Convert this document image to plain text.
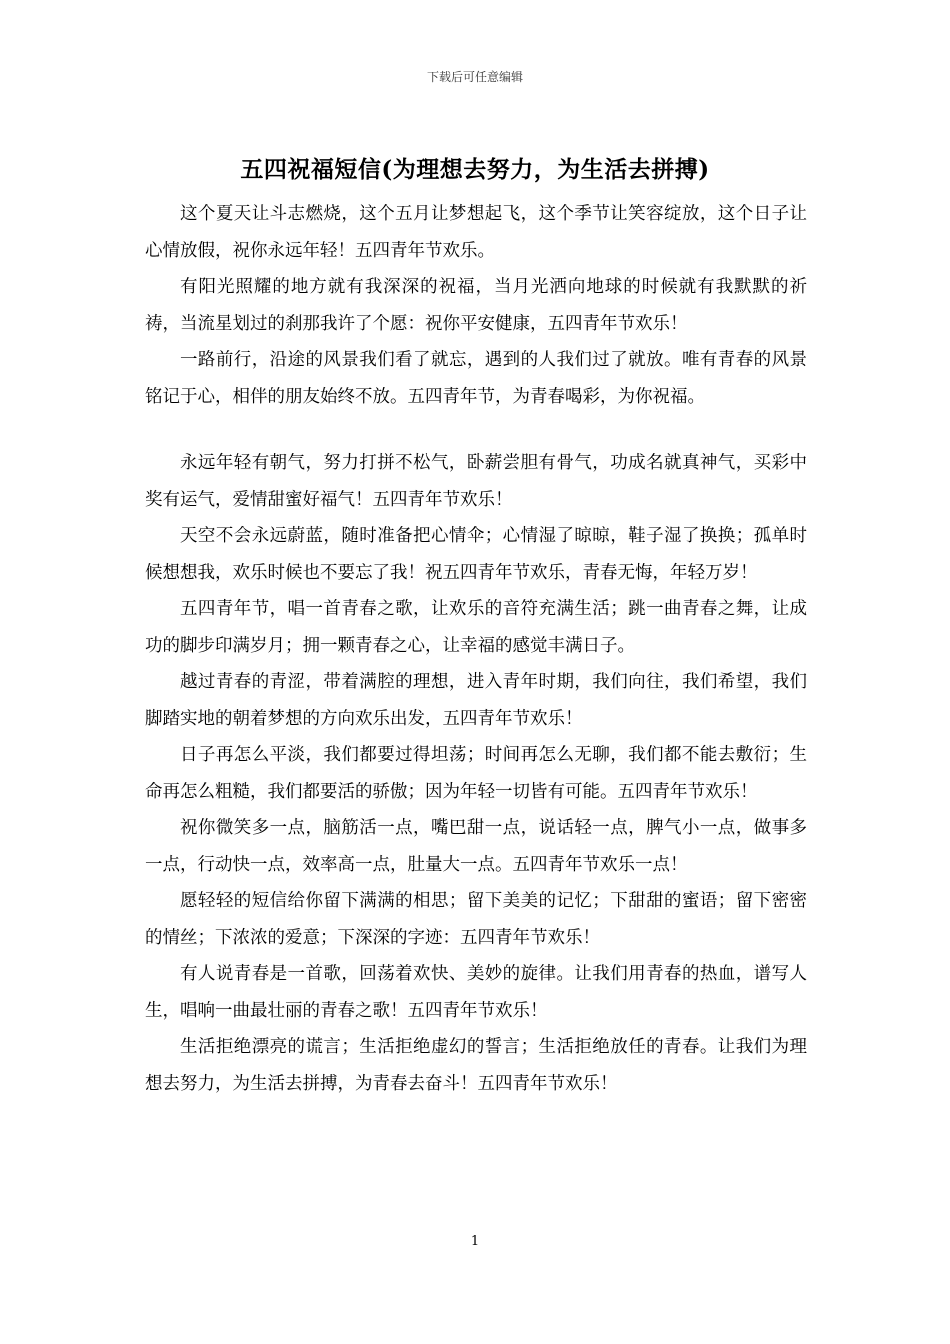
下载后可任意编辑
五四祝福短信(为理想去努力，为生活去拼搏)

这个夏天让斗志燃烧，这个五月让梦想起飞，这个季节让笑容绽放，这个日子让心情放假，祝你永远年轻！五四青年节欢乐。

有阳光照耀的地方就有我深深的祝福，当月光洒向地球的时候就有我默默的祈祷，当流星划过的刹那我许了个愿：祝你平安健康，五四青年节欢乐！

一路前行，沿途的风景我们看了就忘，遇到的人我们过了就放。唯有青春的风景铭记于心，相伴的朋友始终不放。五四青年节，为青春喝彩，为你祝福。

永远年轻有朝气，努力打拼不松气，卧薪尝胆有骨气，功成名就真神气，买彩中奖有运气，爱情甜蜜好福气！五四青年节欢乐！

天空不会永远蔚蓝，随时准备把心情伞；心情湿了晾晾，鞋子湿了换换；孤单时候想想我，欢乐时候也不要忘了我！祝五四青年节欢乐，青春无悔，年轻万岁！

五四青年节，唱一首青春之歌，让欢乐的音符充满生活；跳一曲青春之舞，让成功的脚步印满岁月；拥一颗青春之心，让幸福的感觉丰满日子。

越过青春的青涩，带着满腔的理想，进入青年时期，我们向往，我们希望，我们脚踏实地的朝着梦想的方向欢乐出发，五四青年节欢乐！

日子再怎么平淡，我们都要过得坦荡；时间再怎么无聊，我们都不能去敷衍；生命再怎么粗糙，我们都要活的骄傲；因为年轻一切皆有可能。五四青年节欢乐！

祝你微笑多一点，脑筋活一点，嘴巴甜一点，说话轻一点，脾气小一点，做事多一点，行动快一点，效率高一点，肚量大一点。五四青年节欢乐一点！

愿轻轻的短信给你留下满满的相思；留下美美的记忆；下甜甜的蜜语；留下密密的情丝；下浓浓的爱意；下深深的字迹：五四青年节欢乐！

有人说青春是一首歌，回荡着欢快、美妙的旋律。让我们用青春的热血，谱写人生，唱响一曲最壮丽的青春之歌！五四青年节欢乐！

生活拒绝漂亮的谎言；生活拒绝虚幻的誓言；生活拒绝放任的青春。让我们为理想去努力，为生活去拼搏，为青春去奋斗！五四青年节欢乐！

1
